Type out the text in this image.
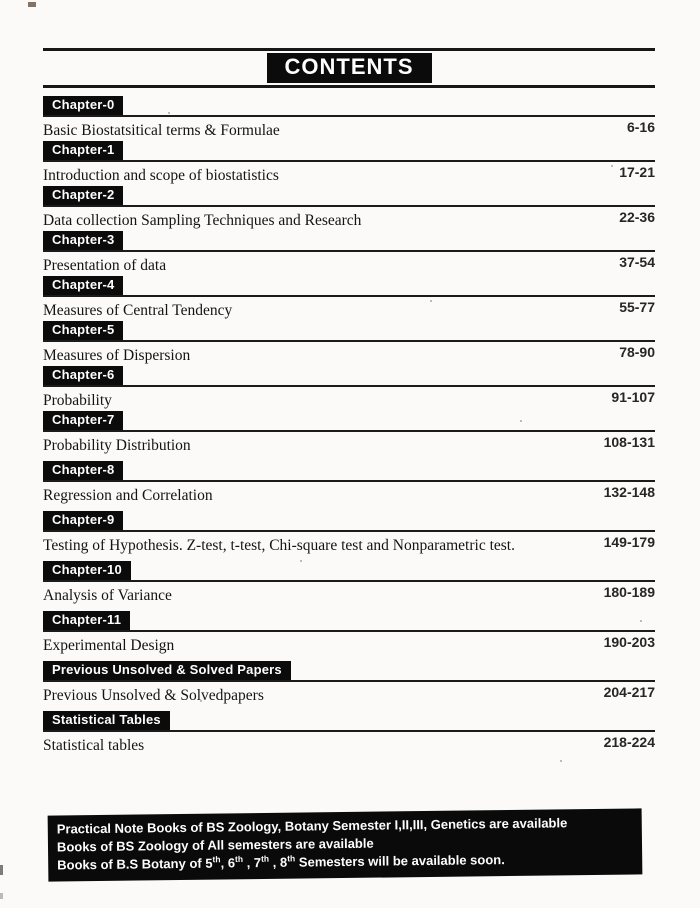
CONTENTS
Chapter-0
Basic Biostatsitical terms & Formulae	6-16
Chapter-1
Introduction and scope of biostatistics	17-21
Chapter-2
Data collection Sampling Techniques and Research	22-36
Chapter-3
Presentation of data	37-54
Chapter-4
Measures of Central Tendency	55-77
Chapter-5
Measures of Dispersion	78-90
Chapter-6
Probability	91-107
Chapter-7
Probability Distribution	108-131
Chapter-8
Regression and Correlation	132-148
Chapter-9
Testing of Hypothesis. Z-test, t-test, Chi-square test and Nonparametric test.	149-179
Chapter-10
Analysis of Variance	180-189
Chapter-11
Experimental Design	190-203
Previous Unsolved & Solved Papers
Previous Unsolved & Solvedpapers	204-217
Statistical Tables
Statistical tables	218-224
Practical Note Books of BS Zoology, Botany Semester I,II,III, Genetics are available
Books of BS Zoology of All semesters are available
Books of B.S Botany of 5th, 6th , 7th , 8th Semesters will be available soon.
